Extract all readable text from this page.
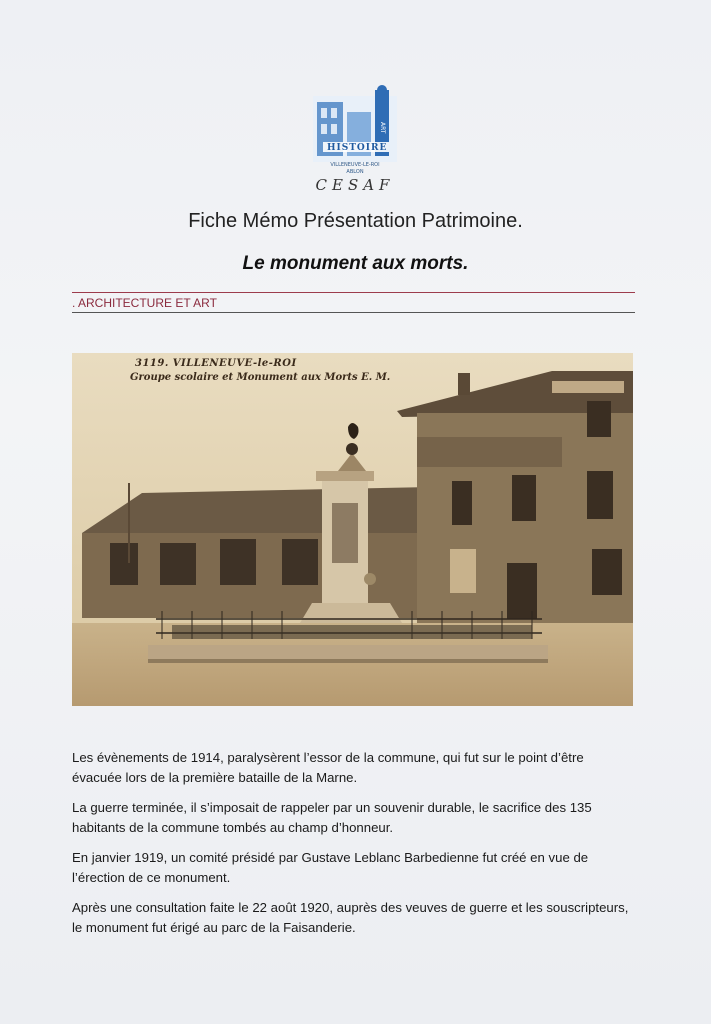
ART
HISTOIRE
VILLENEUVE-LE-ROI
ABLON
CESAF
Fiche Mémo Présentation Patrimoine.
Le monument aux morts.
. ARCHITECTURE ET ART
3119. VILLENEUVE-le-ROI
Groupe scolaire et Monument aux Morts E. M.

Les évènements de 1914, paralysèrent l’essor de la commune, qui fut sur le point d’être évacuée lors de la première bataille de la Marne.

La guerre terminée, il s’imposait de rappeler par un souvenir durable, le sacrifice des 135 habitants de la commune tombés au champ d’honneur.

En janvier 1919, un comité présidé par Gustave Leblanc Barbedienne fut créé en vue de l’érection de ce monument.

Après une consultation faite le 22 août 1920, auprès des veuves de guerre et les souscripteurs, le monument fut érigé au parc de la Faisanderie.
